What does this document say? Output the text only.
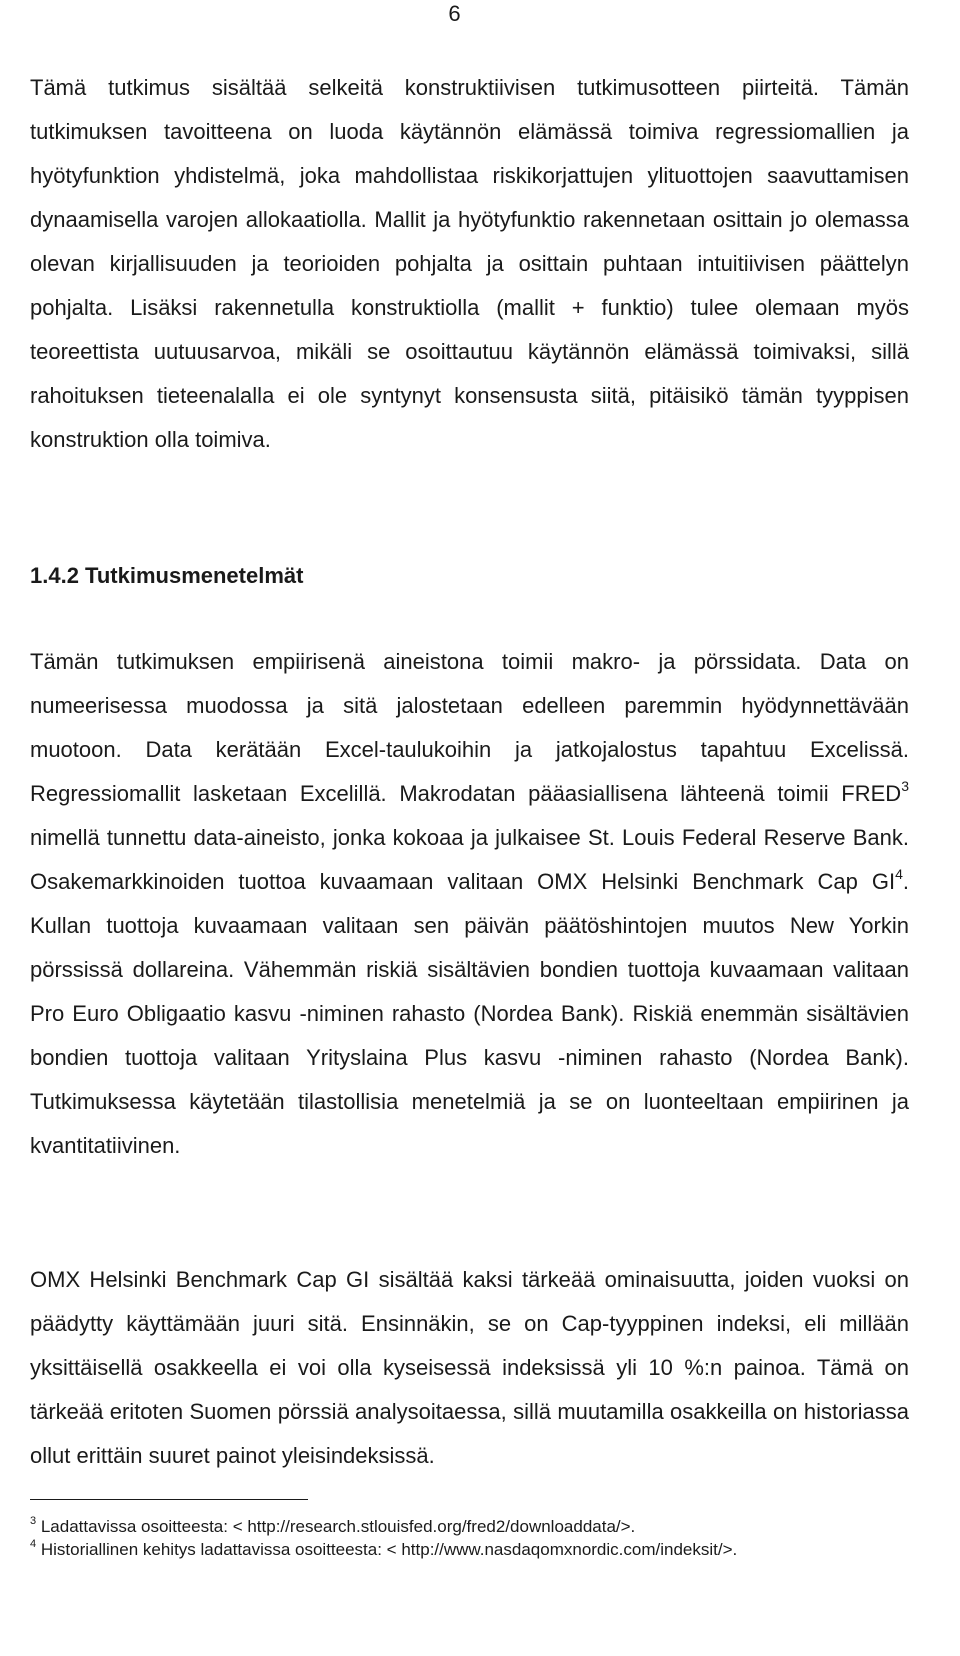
6

Tämä tutkimus sisältää selkeitä konstruktiivisen tutkimusotteen piirteitä. Tämän tutkimuksen tavoitteena on luoda käytännön elämässä toimiva regressiomallien ja hyötyfunktion yhdistelmä, joka mahdollistaa riskikorjattujen ylituottojen saavuttamisen dynaamisella varojen allokaatiolla. Mallit ja hyötyfunktio rakennetaan osittain jo olemassa olevan kirjallisuuden ja teorioiden pohjalta ja osittain puhtaan intuitiivisen päättelyn pohjalta. Lisäksi rakennetulla konstruktiolla (mallit + funktio) tulee olemaan myös teoreettista uutuusarvoa, mikäli se osoittautuu käytännön elämässä toimivaksi, sillä rahoituksen tieteenalalla ei ole syntynyt konsensusta siitä, pitäisikö tämän tyyppisen konstruktion olla toimiva.

1.4.2 Tutkimusmenetelmät

Tämän tutkimuksen empiirisenä aineistona toimii makro- ja pörssidata. Data on numeerisessa muodossa ja sitä jalostetaan edelleen paremmin hyödynnettävään muotoon. Data kerätään Excel-taulukoihin ja jatkojalostus tapahtuu Excelissä. Regressiomallit lasketaan Excelillä. Makrodatan pääasiallisena lähteenä toimii FRED$^3$ nimellä tunnettu data-aineisto, jonka kokoaa ja julkaisee St. Louis Federal Reserve Bank. Osakemarkkinoiden tuottoa kuvaamaan valitaan OMX Helsinki Benchmark Cap $GI^4$. Kullan tuottoja kuvaamaan valitaan sen päivän päätöshintojen muutos New Yorkin pörssissä dollareina. Vähemmän riskiä sisältävien bondien tuottoja kuvaamaan valitaan Pro Euro Obligaatio kasvu -niminen rahasto (Nordea Bank). Riskiä enemmän sisältävien bondien tuottoja valitaan Yrityslaina Plus kasvu -niminen rahasto (Nordea Bank). Tutkimuksessa käytetään tilastollisia menetelmiä ja se on luonteeltaan empiirinen ja kvantitatiivinen.

OMX Helsinki Benchmark Cap GI sisältää kaksi tärkeää ominaisuutta, joiden vuoksi on päädytty käyttämään juuri sitä. Ensinnäkin, se on Cap-tyyppinen indeksi, eli millään yksittäisellä osakkeella ei voi olla kyseisessä indeksissä yli 10 %:n painoa. Tämä on tärkeää eritoten Suomen pörssiä analysoitaessa, sillä muutamilla osakkeilla on historiassa ollut erittäin suuret painot yleisindeksissä.

$^3$ Ladattavissa osoitteesta: < http://research.stlouisfed.org/fred2/downloaddata/>.
$^4$ Historiallinen kehitys ladattavissa osoitteesta: < http://www.nasdaqomxnordic.com/indeksit/>.
